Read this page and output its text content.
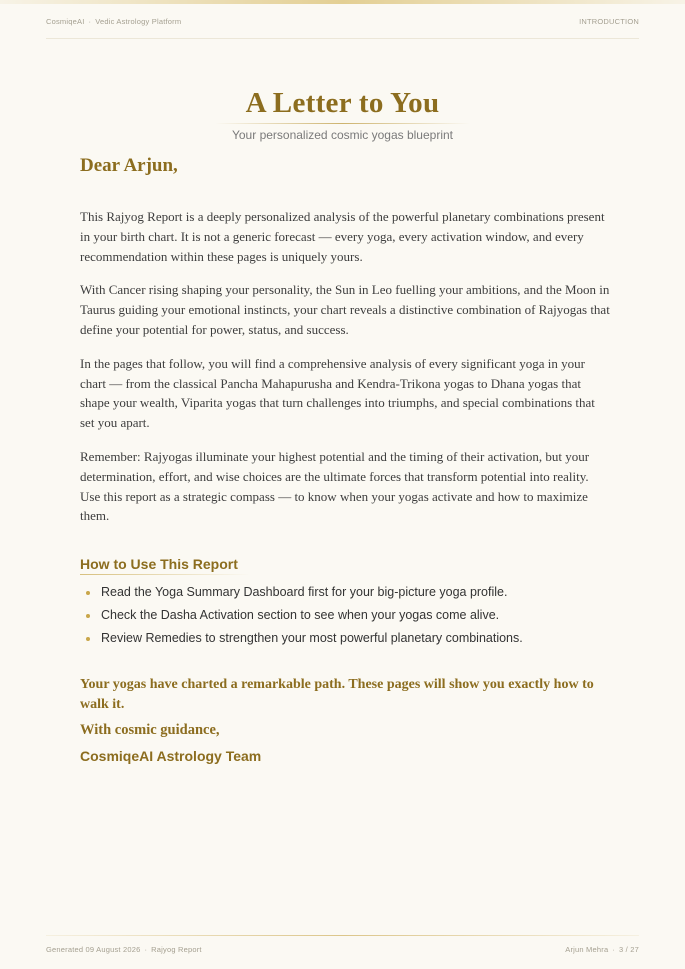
CosmiqeAI · Vedic Astrology Platform	INTRODUCTION
A Letter to You
Your personalized cosmic yogas blueprint
Dear Arjun,

This Rajyog Report is a deeply personalized analysis of the powerful planetary combinations present in your birth chart. It is not a generic forecast — every yoga, every activation window, and every recommendation within these pages is uniquely yours.

With Cancer rising shaping your personality, the Sun in Leo fuelling your ambitions, and the Moon in Taurus guiding your emotional instincts, your chart reveals a distinctive combination of Rajyogas that define your potential for power, status, and success.

In the pages that follow, you will find a comprehensive analysis of every significant yoga in your chart — from the classical Pancha Mahapurusha and Kendra-Trikona yogas to Dhana yogas that shape your wealth, Viparita yogas that turn challenges into triumphs, and special combinations that set you apart.

Remember: Rajyogas illuminate your highest potential and the timing of their activation, but your determination, effort, and wise choices are the ultimate forces that transform potential into reality. Use this report as a strategic compass — to know when your yogas activate and how to maximize them.

How to Use This Report
Read the Yoga Summary Dashboard first for your big-picture yoga profile.
Check the Dasha Activation section to see when your yogas come alive.
Review Remedies to strengthen your most powerful planetary combinations.
Your yogas have charted a remarkable path. These pages will show you exactly how to walk it.
With cosmic guidance,
CosmiqeAI Astrology Team
Generated 09 August 2026 · Rajyog Report	Arjun Mehra · 3 / 27
